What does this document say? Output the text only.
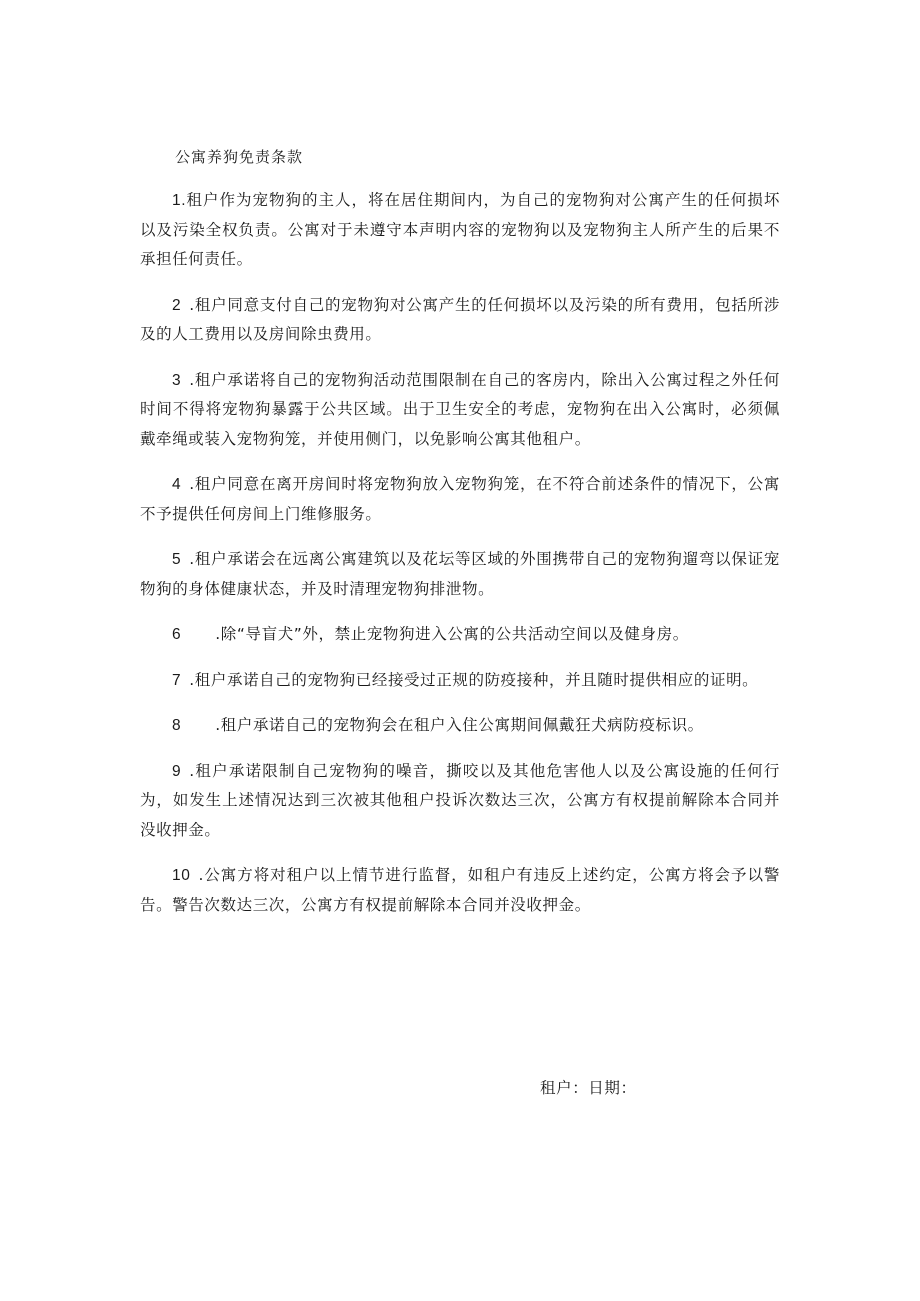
公寓养狗免责条款

1.租户作为宠物狗的主人，将在居住期间内，为自己的宠物狗对公寓产生的任何损坏以及污染全权负责。公寓对于未遵守本声明内容的宠物狗以及宠物狗主人所产生的后果不承担任何责任。

2 .租户同意支付自己的宠物狗对公寓产生的任何损坏以及污染的所有费用，包括所涉及的人工费用以及房间除虫费用。

3 .租户承诺将自己的宠物狗活动范围限制在自己的客房内，除出入公寓过程之外任何时间不得将宠物狗暴露于公共区域。出于卫生安全的考虑，宠物狗在出入公寓时，必须佩戴牵绳或装入宠物狗笼，并使用侧门，以免影响公寓其他租户。

4 .租户同意在离开房间时将宠物狗放入宠物狗笼，在不符合前述条件的情况下，公寓不予提供任何房间上门维修服务。

5 .租户承诺会在远离公寓建筑以及花坛等区域的外围携带自己的宠物狗遛弯以保证宠物狗的身体健康状态，并及时清理宠物狗排泄物。

6 .除“导盲犬”外，禁止宠物狗进入公寓的公共活动空间以及健身房。

7 .租户承诺自己的宠物狗已经接受过正规的防疫接种，并且随时提供相应的证明。

8 .租户承诺自己的宠物狗会在租户入住公寓期间佩戴狂犬病防疫标识。

9 .租户承诺限制自己宠物狗的噪音，撕咬以及其他危害他人以及公寓设施的任何行为，如发生上述情况达到三次被其他租户投诉次数达三次，公寓方有权提前解除本合同并没收押金。

10 .公寓方将对租户以上情节进行监督，如租户有违反上述约定，公寓方将会予以警告。警告次数达三次，公寓方有权提前解除本合同并没收押金。

租户：日期：
